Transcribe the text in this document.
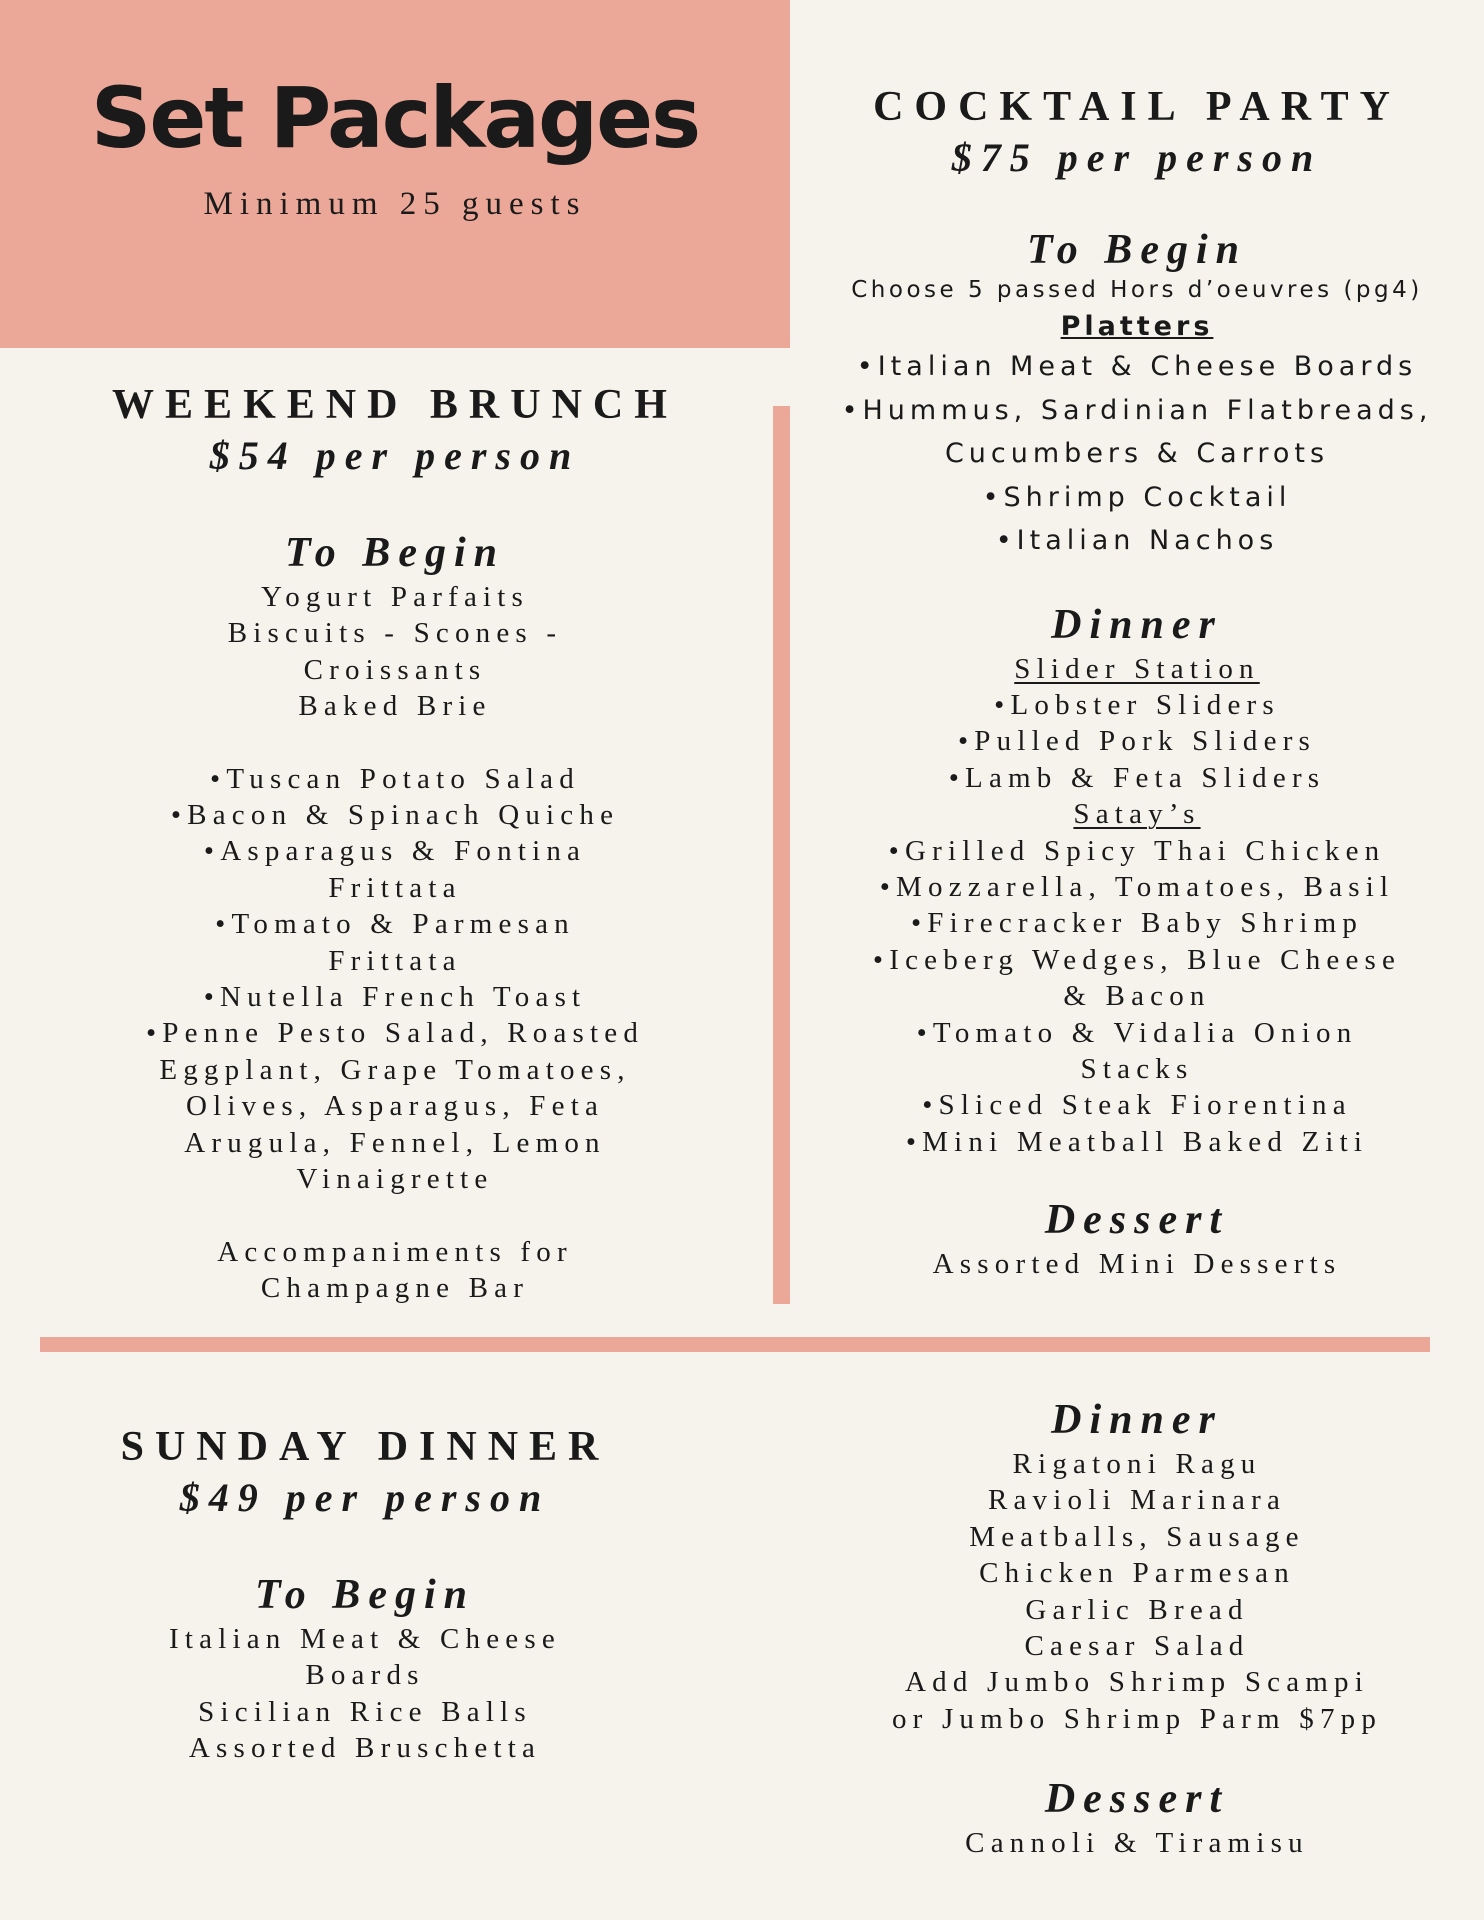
Set Packages
Minimum 25 guests
WEEKEND BRUNCH
$54 per person
To Begin
Yogurt Parfaits
Biscuits - Scones -
Croissants
Baked Brie
•Tuscan Potato Salad
•Bacon & Spinach Quiche
•Asparagus & Fontina
Frittata
•Tomato & Parmesan
Frittata
•Nutella French Toast
•Penne Pesto Salad, Roasted
Eggplant, Grape Tomatoes,
Olives, Asparagus, Feta
Arugula, Fennel, Lemon
Vinaigrette
Accompaniments for
Champagne Bar
COCKTAIL PARTY
$75 per person
To Begin
Choose 5 passed Hors d’oeuvres (pg4)
Platters
•Italian Meat & Cheese Boards
•Hummus, Sardinian Flatbreads,
Cucumbers & Carrots
•Shrimp Cocktail
•Italian Nachos
Dinner
Slider Station
•Lobster Sliders
•Pulled Pork Sliders
•Lamb & Feta Sliders
Satay’s
•Grilled Spicy Thai Chicken
•Mozzarella, Tomatoes, Basil
•Firecracker Baby Shrimp
•Iceberg Wedges, Blue Cheese
& Bacon
•Tomato & Vidalia Onion
Stacks
•Sliced Steak Fiorentina
•Mini Meatball Baked Ziti
Dessert
Assorted Mini Desserts
SUNDAY DINNER
$49 per person
To Begin
Italian Meat & Cheese
Boards
Sicilian Rice Balls
Assorted Bruschetta
Dinner
Rigatoni Ragu
Ravioli Marinara
Meatballs, Sausage
Chicken Parmesan
Garlic Bread
Caesar Salad
Add Jumbo Shrimp Scampi
or Jumbo Shrimp Parm $7pp
Dessert
Cannoli & Tiramisu
